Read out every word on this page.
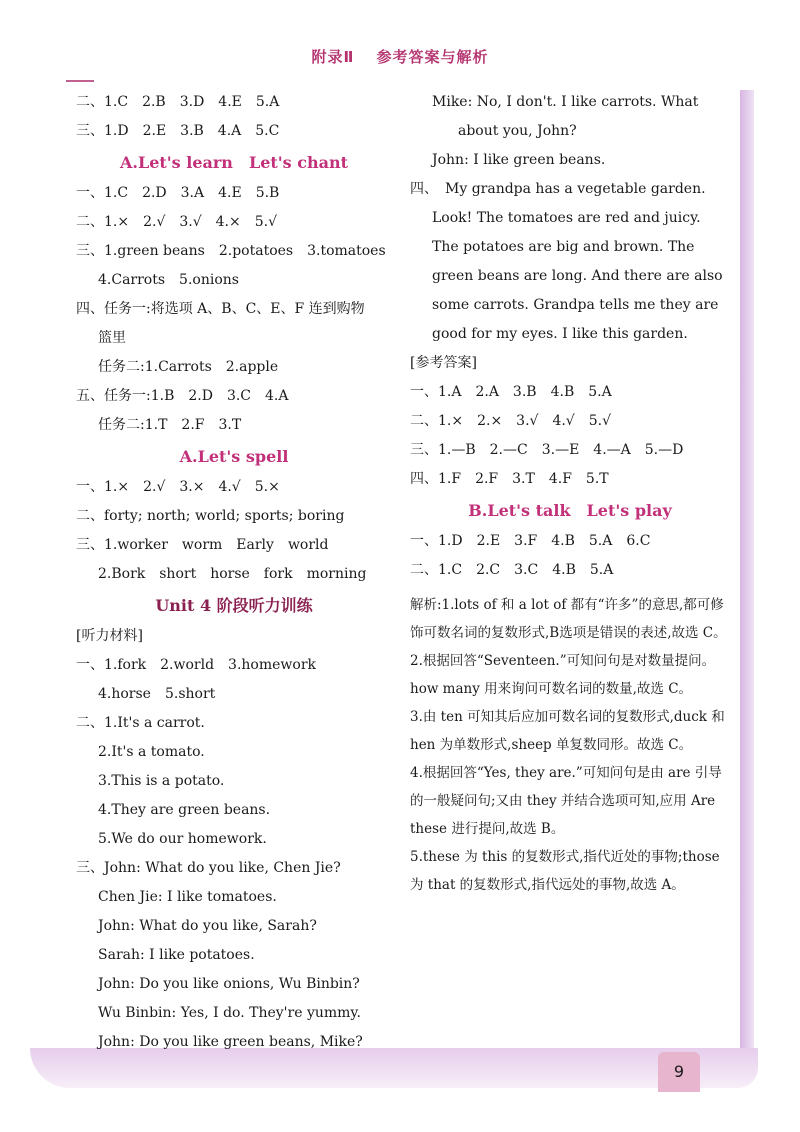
附录Ⅱ 参考答案与解析
二、1.C　2.B　3.D　4.E　5.A
三、1.D　2.E　3.B　4.A　5.C
A.Let's learn　Let's chant
一、1.C　2.D　3.A　4.E　5.B
二、1.×　2.√　3.√　4.×　5.√
三、1.green beans　2.potatoes　3.tomatoes
4.Carrots　5.onions
四、任务一:将选项 A、B、C、E、F 连到购物
篮里
任务二:1.Carrots　2.apple
五、任务一:1.B　2.D　3.C　4.A
任务二:1.T　2.F　3.T
A.Let's spell
一、1.×　2.√　3.×　4.√　5.×
二、forty; north; world; sports; boring
三、1.worker　worm　Early　world
2.Bork　short　horse　fork　morning
Unit 4 阶段听力训练
[听力材料]
一、1.fork　2.world　3.homework
4.horse　5.short
二、1.It's a carrot.
2.It's a tomato.
3.This is a potato.
4.They are green beans.
5.We do our homework.
三、John: What do you like, Chen Jie?
Chen Jie: I like tomatoes.
John: What do you like, Sarah?
Sarah: I like potatoes.
John: Do you like onions, Wu Binbin?
Wu Binbin: Yes, I do. They're yummy.
John: Do you like green beans, Mike?
Mike: No, I don't. I like carrots. What
about you, John?
John: I like green beans.
四、　My grandpa has a vegetable garden.
Look! The tomatoes are red and juicy.
The potatoes are big and brown. The
green beans are long. And there are also
some carrots. Grandpa tells me they are
good for my eyes. I like this garden.
[参考答案]
一、1.A　2.A　3.B　4.B　5.A
二、1.×　2.×　3.√　4.√　5.√
三、1.—B　2.—C　3.—E　4.—A　5.—D
四、1.F　2.F　3.T　4.F　5.T
B.Let's talk　Let's play
一、1.D　2.E　3.F　4.B　5.A　6.C
二、1.C　2.C　3.C　4.B　5.A

解析:1.lots of 和 a lot of 都有“许多”的意思,都可修饰可数名词的复数形式,B选项是错误的表述,故选 C。

2.根据回答“Seventeen.”可知问句是对数量提问。how many 用来询问可数名词的数量,故选 C。

3.由 ten 可知其后应加可数名词的复数形式,duck 和 hen 为单数形式,sheep 单复数同形。故选 C。

4.根据回答“Yes, they are.”可知问句是由 are 引导的一般疑问句;又由 they 并结合选项可知,应用 Are these 进行提问,故选 B。

5.these 为 this 的复数形式,指代近处的事物;those 为 that 的复数形式,指代远处的事物,故选 A。

9
